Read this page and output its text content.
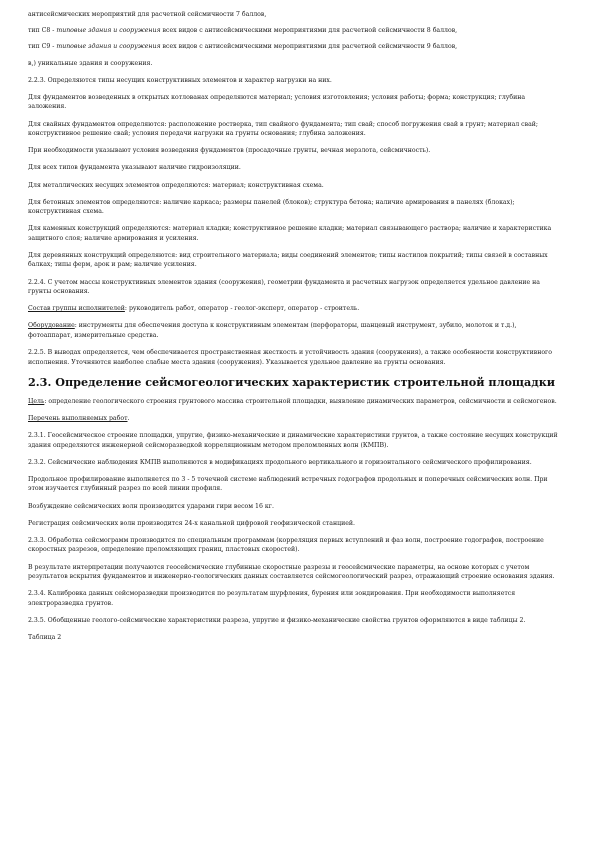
антисейсмических мероприятий для расчетной сейсмичности 7 баллов,

тип С8 - типовые здания и сооружения всех видов с антисейсмическими мероприятиями для расчетной сейсмичности 8 баллов,

тип С9 - типовые здания и сооружения всех видов с антисейсмическими мероприятиями для расчетной сейсмичности 9 баллов,

в,) уникальные здания и сооружения.

2.2.3. Определяются типы несущих конструктивных элементов и характер нагрузки на них.

Для фундаментов возведенных в открытых котлованах определяются материал; условия изготовления; условия работы; форма; конструкция; глубина заложения.

Для свайных фундаментов определяются: расположение ростверка, тип свайного фундамента; тип свай; способ погружения свай в грунт; материал свай; конструктивное решение свай; условия передачи нагрузки на грунты основания; глубина заложения.

При необходимости указывают условия возведения фундаментов (просадочные грунты, вечная мерзлота, сейсмичность).

Для всех типов фундамента указывают наличие гидроизоляции.

Для металлических несущих элементов определяются: материал; конструктивная схема.

Для бетонных элементов определяются: наличие каркаса; размеры панелей (блоков); структура бетона; наличие армирования в панелях (блоках); конструктивная схема.

Для каменных конструкций определяются: материал кладки; конструктивное решение кладки; материал связывающего раствора; наличие и характеристика защитного слоя; наличие армирования и усиления.

Для деревянных конструкций определяются: вид строительного материала; виды соединений элементов; типы настилов покрытий; типы связей в составных балках; типы ферм, арок и рам; наличие усиления.

2.2.4. С учетом массы конструктивных элементов здания (сооружения), геометрии фундамента и расчетных нагрузок определяется удельное давление на грунты основания.

Состав группы исполнителей: руководитель работ, оператор - геолог-эксперт, оператор - строитель.

Оборудование: инструменты для обеспечения доступа к конструктивным элементам (перфораторы, шанцевый инструмент, зубило, молоток и т.д.), фотоаппарат, измерительные средства.

2.2.5. В выводах определяется, чем обеспечивается пространственная жесткость и устойчивость здания (сооружения), а также особенности конструктивного исполнения. Уточняются наиболее слабые места здания (сооружения). Указывается удельное давление на грунты основания.

2.3. Определение сейсмогеологических характеристик строительной площадки

Цель: определение геологического строения грунтового массива строительной площадки, выявление динамических параметров, сейсмичности и сейсмогенов.

Перечень выполняемых работ.

2.3.1. Геосейсмическое строение площадки, упругие, физико-механические и динамические характеристики грунтов, а также состояние несущих конструкций здания определяются инженерной сейсморазведкой корреляционным методом преломленных волн (КМПВ).

2.3.2. Сейсмические наблюдения КМПВ выполняются в модификациях продольного вертикального и горизонтального сейсмического профилирования.

Продольное профилирование выполняется по 3 - 5 точечной системе наблюдений встречных годографов продольных и поперечных сейсмических волн. При этом изучается глубинный разрез по всей линии профиля.

Возбуждение сейсмических волн производится ударами гири весом 16 кг.

Регистрация сейсмических волн производится 24-х канальной цифровой геофизической станцией.

2.3.3. Обработка сейсмограмм производится по специальным программам (корреляция первых вступлений и фаз волн, построение годографов, построение скоростных разрезов, определение преломляющих границ, пластовых скоростей).

В результате интерпретации получаются геосейсмические глубинные скоростные разрезы и геосейсмические параметры, на основе которых с учетом результатов вскрытия фундаментов и инженерно-геологических данных составляется сейсмогеологический разрез, отражающий строение основания здания.

2.3.4. Калибровка данных сейсморазведки производится по результатам шурфления, бурения или зондирования. При необходимости выполняется электроразведка грунтов.

2.3.5. Обобщенные геолого-сейсмические характеристики разреза, упругие и физико-механические свойства грунтов оформляются в виде таблицы 2.

Таблица 2
